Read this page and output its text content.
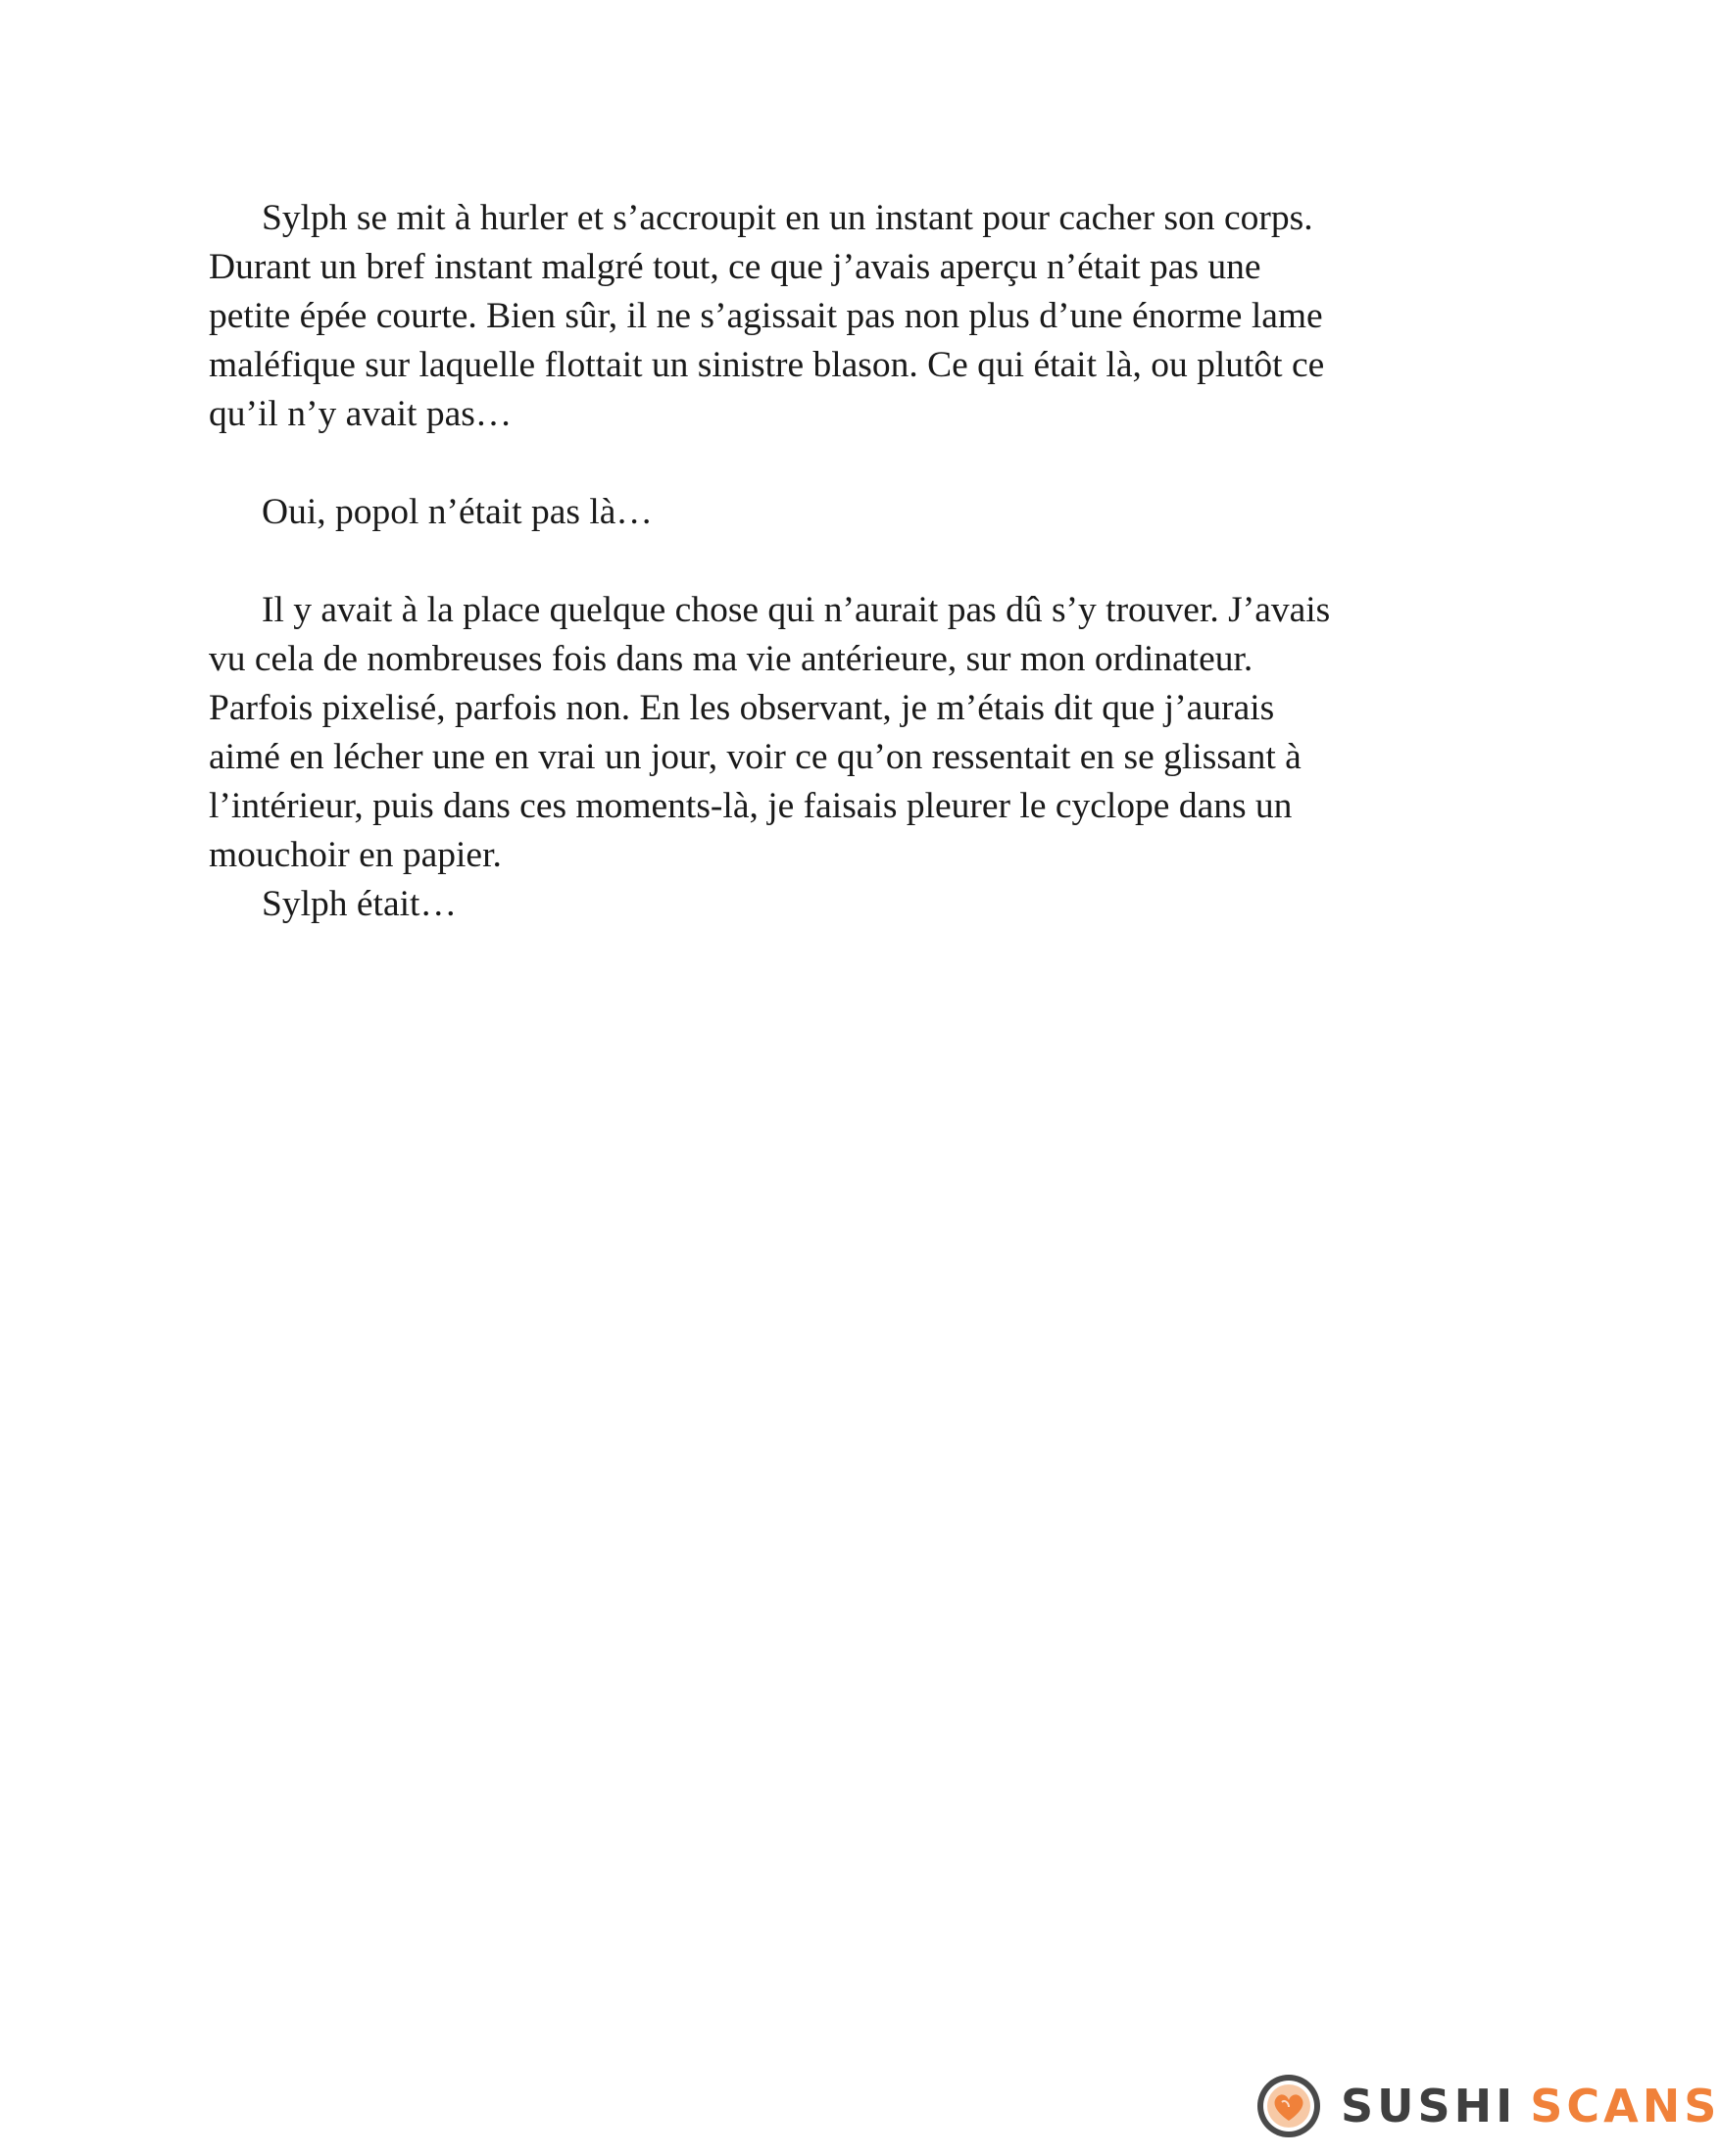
Sylph se mit à hurler et s’accroupit en un instant pour cacher son corps.
Durant un bref instant malgré tout, ce que j’avais aperçu n’était pas une
petite épée courte. Bien sûr, il ne s’agissait pas non plus d’une énorme lame
maléfique sur laquelle flottait un sinistre blason. Ce qui était là, ou plutôt ce
qu’il n’y avait pas…

Oui, popol n’était pas là…

Il y avait à la place quelque chose qui n’aurait pas dû s’y trouver. J’avais
vu cela de nombreuses fois dans ma vie antérieure, sur mon ordinateur.
Parfois pixelisé, parfois non. En les observant, je m’étais dit que j’aurais
aimé en lécher une en vrai un jour, voir ce qu’on ressentait en se glissant à
l’intérieur, puis dans ces moments-là, je faisais pleurer le cyclope dans un
mouchoir en papier.

Sylph était…

SUSHI SCANS
